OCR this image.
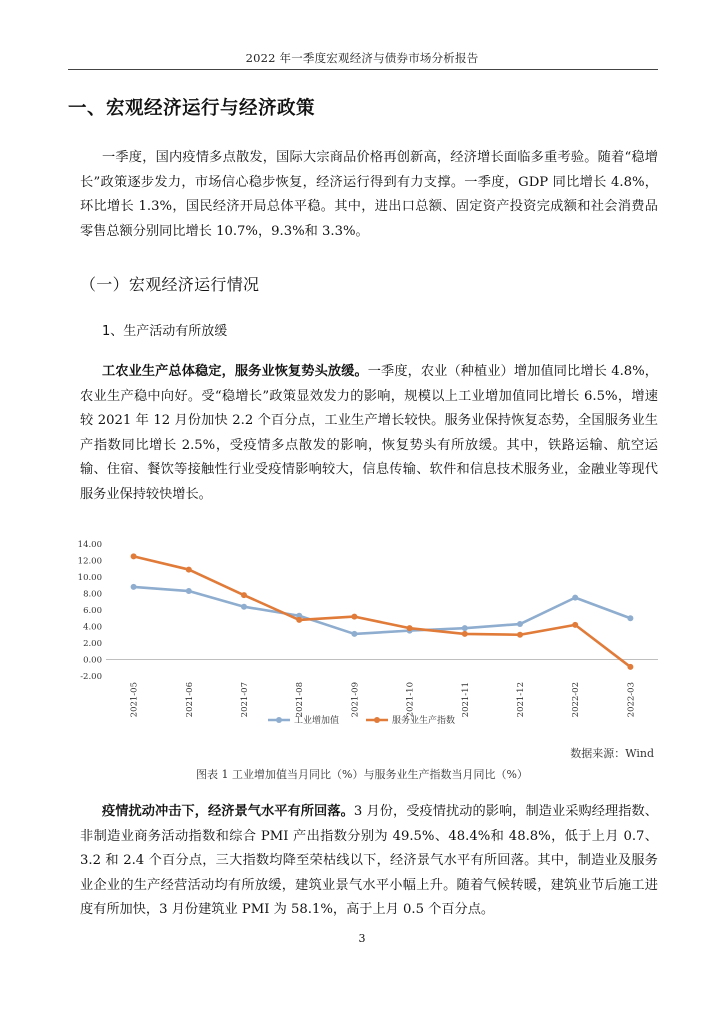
2022 年一季度宏观经济与债券市场分析报告
一、宏观经济运行与经济政策
一季度，国内疫情多点散发，国际大宗商品价格再创新高，经济增长面临多重考验。随着“稳增长”政策逐步发力，市场信心稳步恢复，经济运行得到有力支撑。一季度，GDP 同比增长 4.8%，环比增长 1.3%，国民经济开局总体平稳。其中，进出口总额、固定资产投资完成额和社会消费品零售总额分别同比增长 10.7%，9.3%和 3.3%。
（一）宏观经济运行情况
1、生产活动有所放缓
工农业生产总体稳定，服务业恢复势头放缓。一季度，农业（种植业）增加值同比增长 4.8%，农业生产稳中向好。受“稳增长”政策显效发力的影响，规模以上工业增加值同比增长 6.5%，增速较 2021 年 12 月份加快 2.2 个百分点，工业生产增长较快。服务业保持恢复态势，全国服务业生产指数同比增长 2.5%，受疫情多点散发的影响，恢复势头有所放缓。其中，铁路运输、航空运输、住宿、餐饮等接触性行业受疫情影响较大，信息传输、软件和信息技术服务业，金融业等现代服务业保持较快增长。
14.00
12.00
10.00
8.00
6.00
4.00
2.00
0.00
-2.00
2021-05	2021-06	2021-07	2021-08	2021-09	2021-10	2021-11	2021-12	2022-02	2022-03
工业增加值	服务业生产指数
数据来源：Wind
图表 1 工业增加值当月同比（%）与服务业生产指数当月同比（%）
疫情扰动冲击下，经济景气水平有所回落。3 月份，受疫情扰动的影响，制造业采购经理指数、非制造业商务活动指数和综合 PMI 产出指数分别为 49.5%、48.4%和 48.8%，低于上月 0.7、3.2 和 2.4 个百分点，三大指数均降至荣枯线以下，经济景气水平有所回落。其中，制造业及服务业企业的生产经营活动均有所放缓，建筑业景气水平小幅上升。随着气候转暖，建筑业节后施工进度有所加快，3 月份建筑业 PMI 为 58.1%，高于上月 0.5 个百分点。
3
